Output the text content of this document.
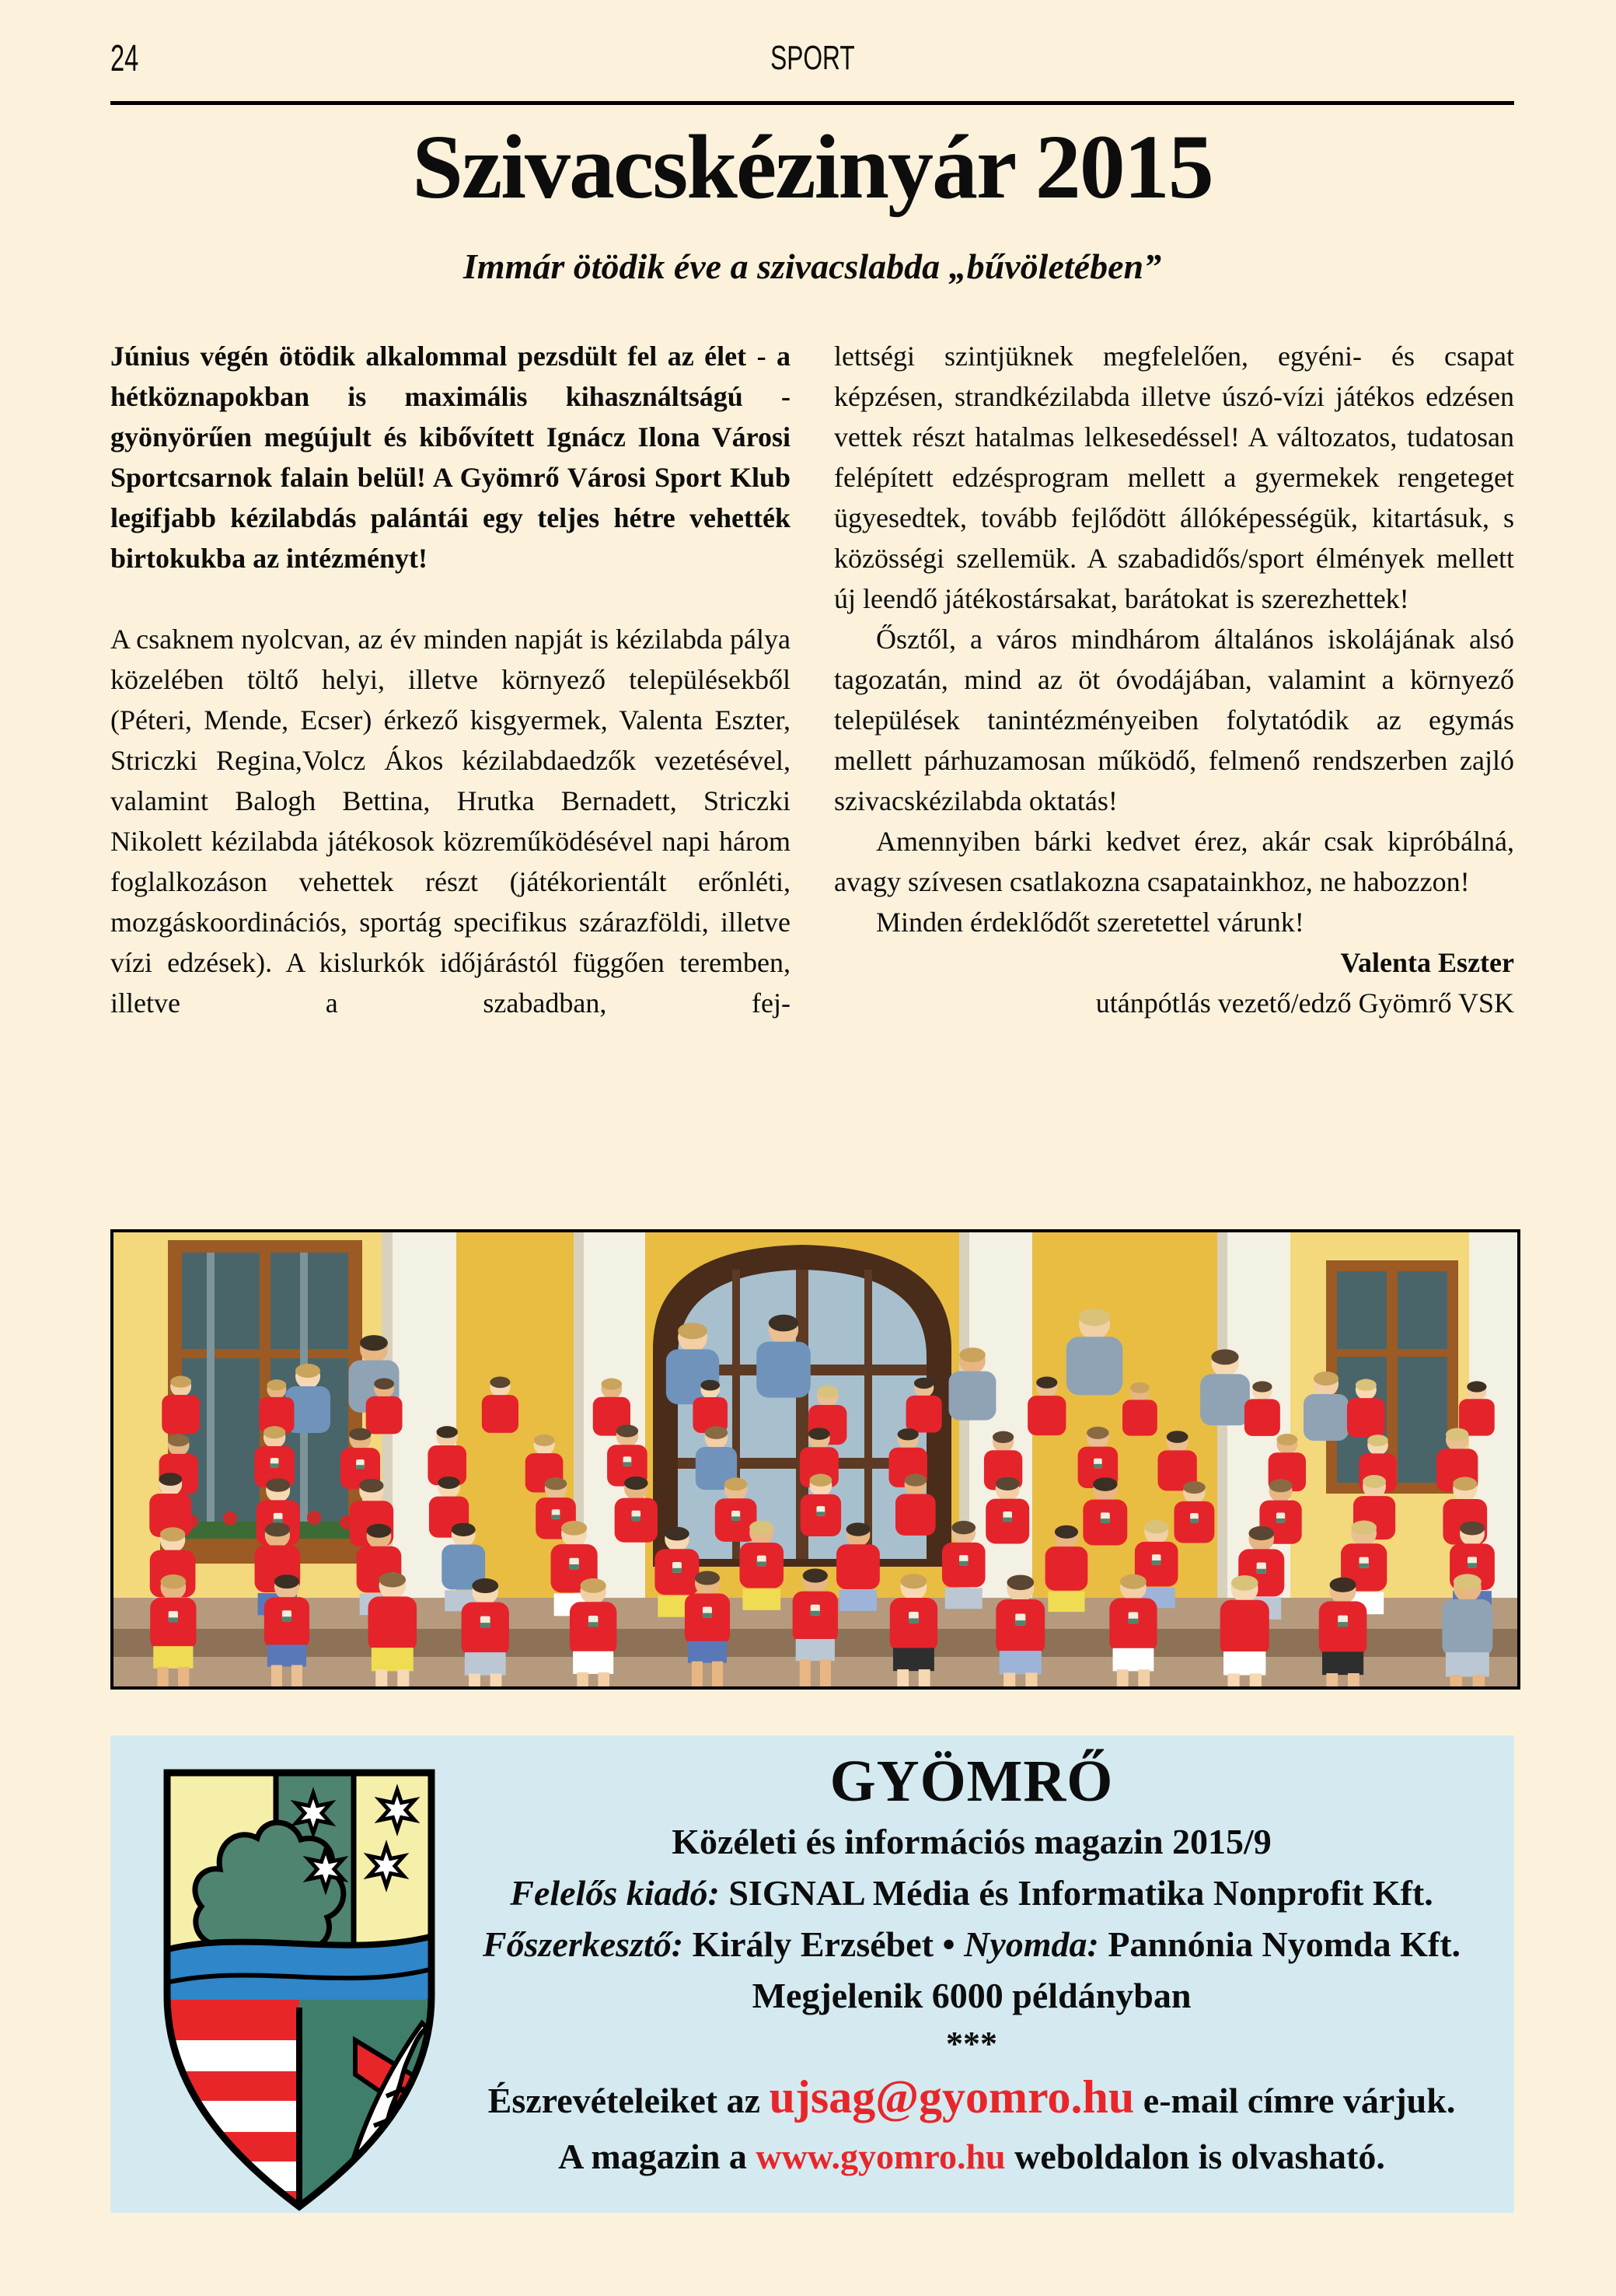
24	SPORT
Szivacskézinyár 2015
Immár ötödik éve a szivacslabda „bűvöletében”

Június végén ötödik alkalommal pezsdült fel az élet - a hétköznapokban is maximális kihasználtságú - gyönyörűen megújult és kibővített Ignácz Ilona Városi Sportcsarnok falain belül! A Gyömrő Városi Sport Klub legifjabb kézilabdás palántái egy teljes hétre vehették birtokukba az intézményt!

A csaknem nyolcvan, az év minden napját is kézilabda pálya közelében töltő helyi, illetve környező településekből (Péteri, Mende, Ecser) érkező kisgyermek, Valenta Eszter, Striczki Regina,Volcz Ákos kézilabdaedzők vezetésével, valamint Balogh Bettina, Hrutka Bernadett, Striczki Nikolett kézilabda játékosok közreműködésével napi három foglalkozáson vehettek részt (játékorientált erőnléti, mozgáskoordinációs, sportág specifikus szárazföldi, illetve vízi edzések). A kislurkók időjárástól függően teremben, illetve a szabadban, fej-

lettségi szintjüknek megfelelően, egyéni- és csapat képzésen, strandkézilabda illetve úszó-vízi játékos edzésen vettek részt hatalmas lelkesedéssel! A változatos, tudatosan felépített edzésprogram mellett a gyermekek rengeteget ügyesedtek, tovább fejlődött állóképességük, kitartásuk, s közösségi szellemük. A szabadidős/sport élmények mellett új leendő játékostársakat, barátokat is szerezhettek!

Ősztől, a város mindhárom általános iskolájának alsó tagozatán, mind az öt óvodájában, valamint a környező települések tanintézményeiben folytatódik az egymás mellett párhuzamosan működő, felmenő rendszerben zajló szivacskézilabda oktatás!

Amennyiben bárki kedvet érez, akár csak kipróbálná, avagy szívesen csatlakozna csapatainkhoz, ne habozzon!

Minden érdeklődőt szeretettel várunk!

Valenta Eszter

utánpótlás vezető/edző Gyömrő VSK

GYÖMRŐ
Közéleti és információs magazin 2015/9
Felelős kiadó: SIGNAL Média és Informatika Nonprofit Kft.
Főszerkesztő: Király Erzsébet • Nyomda: Pannónia Nyomda Kft.
Megjelenik 6000 példányban
***
Észrevételeiket az ujsag@gyomro.hu e-mail címre várjuk.
A magazin a www.gyomro.hu weboldalon is olvasható.
